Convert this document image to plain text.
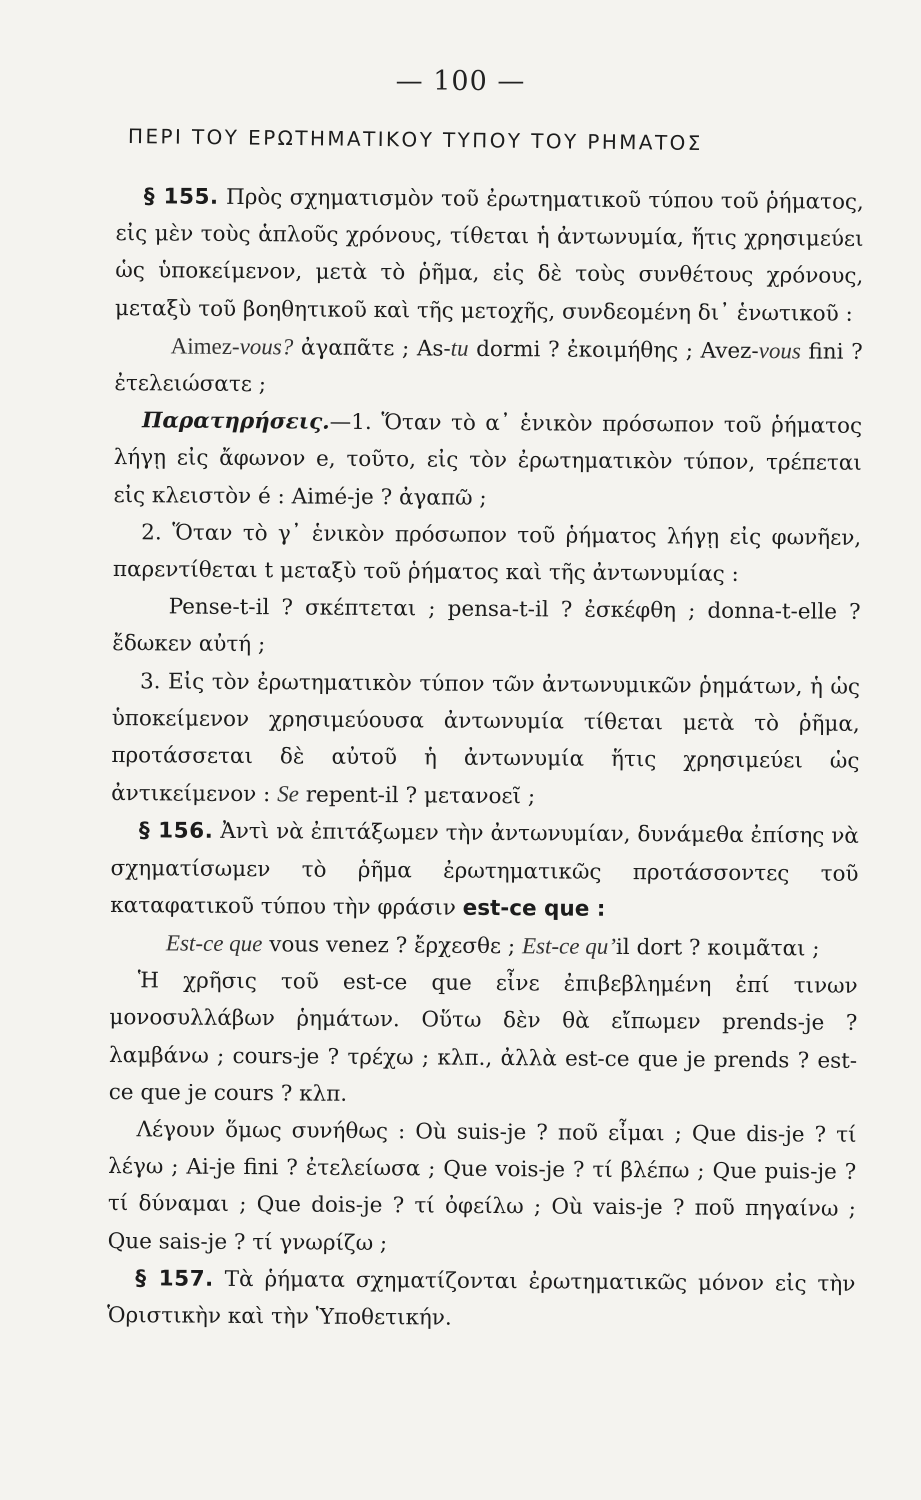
— 100 —
ΠΕΡΙ ΤΟΥ ΕΡΩΤΗΜΑΤΙΚΟΥ ΤΥΠΟΥ ΤΟΥ ΡΗΜΑΤΟΣ

§ 155. Πρὸς σχηματισμὸν τοῦ ἐρωτηματικοῦ τύπου τοῦ ῥήματος, εἰς μὲν τοὺς ἁπλοῦς χρόνους, τίθεται ἡ ἀντωνυμία, ἥτις χρησιμεύει ὡς ὑποκείμενον, μετὰ τὸ ῥῆμα, εἰς δὲ τοὺς συνθέτους χρόνους, μεταξὺ τοῦ βοηθητικοῦ καὶ τῆς μετοχῆς, συνδεομένη δι᾿ ἑνωτικοῦ :

Aimez-vous? ἀγαπᾶτε ; As-tu dormi ? ἐκοιμήθης ; Avez-vous fini ? ἐτελειώσατε ;

Παρατηρήσεις.—1. Ὅταν τὸ α᾿ ἑνικὸν πρόσωπον τοῦ ῥήματος λήγῃ εἰς ἄφωνον e, τοῦτο, εἰς τὸν ἐρωτηματικὸν τύπον, τρέπεται εἰς κλειστὸν é : Aimé-je ? ἀγαπῶ ;

2. Ὅταν τὸ γ᾿ ἑνικὸν πρόσωπον τοῦ ῥήματος λήγῃ εἰς φωνῆεν, παρεντίθεται t μεταξὺ τοῦ ῥήματος καὶ τῆς ἀντωνυμίας :

Pense-t-il ? σκέπτεται ; pensa-t-il ? ἐσκέφθη ; donna-t-elle ? ἔδωκεν αὐτή ;

3. Εἰς τὸν ἐρωτηματικὸν τύπον τῶν ἀντωνυμικῶν ῥημάτων, ἡ ὡς ὑποκείμενον χρησιμεύουσα ἀντωνυμία τίθεται μετὰ τὸ ῥῆμα, προτάσσεται δὲ αὐτοῦ ἡ ἀντωνυμία ἥτις χρησιμεύει ὡς ἀντικείμενον : Se repent-il ? μετανοεῖ ;

§ 156. Ἀντὶ νὰ ἐπιτάξωμεν τὴν ἀντωνυμίαν, δυνάμεθα ἐπίσης νὰ σχηματίσωμεν τὸ ῥῆμα ἐρωτηματικῶς προτάσσοντες τοῦ καταφατικοῦ τύπου τὴν φράσιν est-ce que :

Est-ce que vous venez ? ἔρχεσθε ; Est-ce qu’il dort ? κοιμᾶται ;

Ἡ χρῆσις τοῦ est-ce que εἶνε ἐπιβεβλημένη ἐπί τινων μονοσυλλάβων ῥημάτων. Οὕτω δὲν θὰ εἴπωμεν prends-je ? λαμβάνω ; cours-je ? τρέχω ; κλπ., ἀλλὰ est-ce que je prends ? est-ce que je cours ? κλπ.

Λέγουν ὅμως συνήθως : Où suis-je ? ποῦ εἶμαι ; Que dis-je ? τί λέγω ; Ai-je fini ? ἐτελείωσα ; Que vois-je ? τί βλέπω ; Que puis-je ? τί δύναμαι ; Que dois-je ? τί ὀφείλω ; Où vais-je ? ποῦ πηγαίνω ; Que sais-je ? τί γνωρίζω ;

§ 157. Τὰ ῥήματα σχηματίζονται ἐρωτηματικῶς μόνον εἰς τὴν Ὁριστικὴν καὶ τὴν Ὑποθετικήν.
